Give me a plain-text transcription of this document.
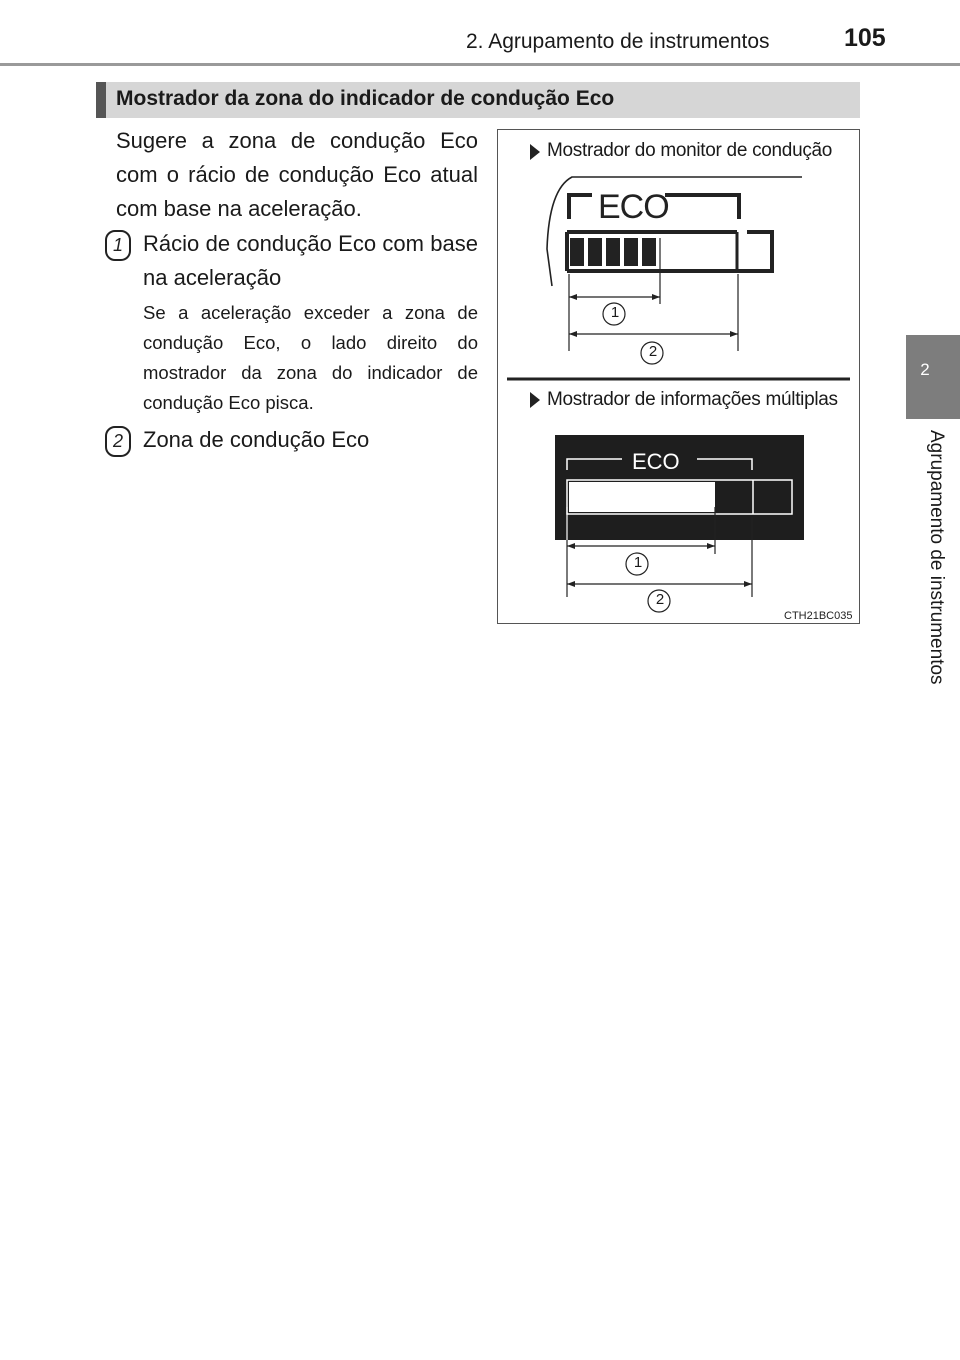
2. Agrupamento de instrumentos	105
2
Agrupamento de instrumentos
Mostrador da zona do indicador de condução Eco
Sugere a zona de condução Eco com o rácio de condução Eco atual com base na aceleração.
1 Rácio de condução Eco com base na aceleração
Se a aceleração exceder a zona de condução Eco, o lado direito do mostrador da zona do indicador de condução Eco pisca.
2 Zona de condução Eco
Mostrador do monitor de condução
ECO
1
2
Mostrador de informações múltiplas
ECO
1
2
CTH21BC035
